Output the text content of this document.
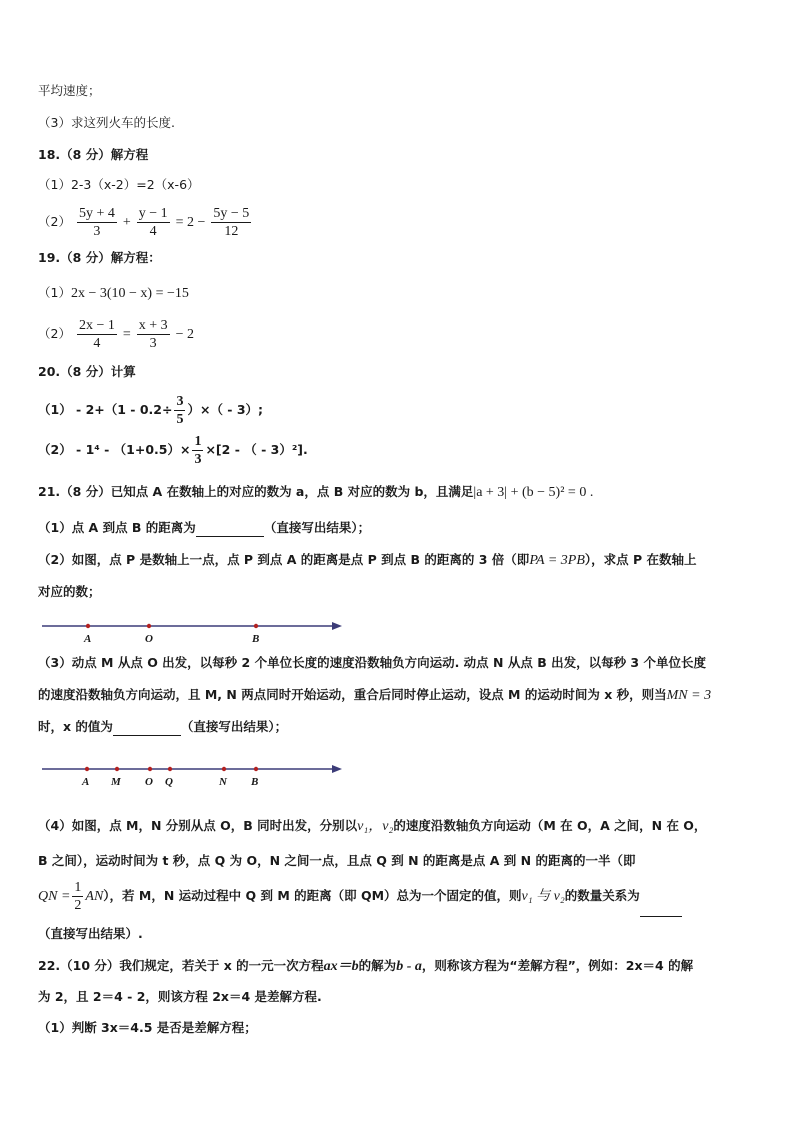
平均速度；
（3）求这列火车的长度.
18.（8 分）解方程
（1）2-3（x-2）=2（x-6）
$(2) \frac{5y + 4}{3} + \frac{y - 1}{4} = 2 - \frac{5y - 5}{12}$
19.（8 分）解方程：
（1）2x − 3(10 − x) = −15
$(2) \frac{2x - 1}{4} = \frac{x + 3}{3} - 2$
20.（8 分）计算
$(1) - 2+(1 - 0.2\div \frac{3}{5}$ ）×（ - 3）;
$(2) - 1^4 - (1+0.5)\times \frac{1}{3} \times[2$ - （ - 3）²].
21.（8 分）已知点 A 在数轴上的对应的数为 a，点 B 对应的数为 b，且满足|a + 3| + (b − 5)² = 0 .
（1）点 A 到点 B 的距离为	（直接写出结果）；
（2）如图，点 P 是数轴上一点，点 P 到点 A 的距离是点 P 到点 B 的距离的 3 倍（即PA = 3PB），求点 P 在数轴上
对应的数；
A	O	B
（3）动点 M 从点 O 出发，以每秒 2 个单位长度的速度沿数轴负方向运动. 动点 N 从点 B 出发，以每秒 3 个单位长度
的速度沿数轴负方向运动，且 M, N 两点同时开始运动，重合后同时停止运动，设点 M 的运动时间为 x 秒，则当MN = 3
时，x 的值为	（直接写出结果）；
A M O Q	N B
（4）如图，点 M，N 分别从点 O，B 同时出发，分别以v₁，v₂的速度沿数轴负方向运动（M 在 O，A 之间，N 在 O，
B 之间），运动时间为 t 秒，点 Q 为 O，N 之间一点，且点 Q 到 N 的距离是点 A 到 N 的距离的一半（即
QN = $\frac{1}{2} AN$），若 M，N 运动过程中 Q 到 M 的距离（即 QM）总为一个固定的值，则v₁ 与 v₂的数量关系为
（直接写出结果）.
22.（10 分）我们规定，若关于 x 的一元一次方程ax＝b的解为b - a，则称该方程为“差解方程”，例如：2x＝4 的解
为 2，且 2＝4 - 2，则该方程 2x＝4 是差解方程.
（1）判断 3x＝4.5 是否是差解方程；
